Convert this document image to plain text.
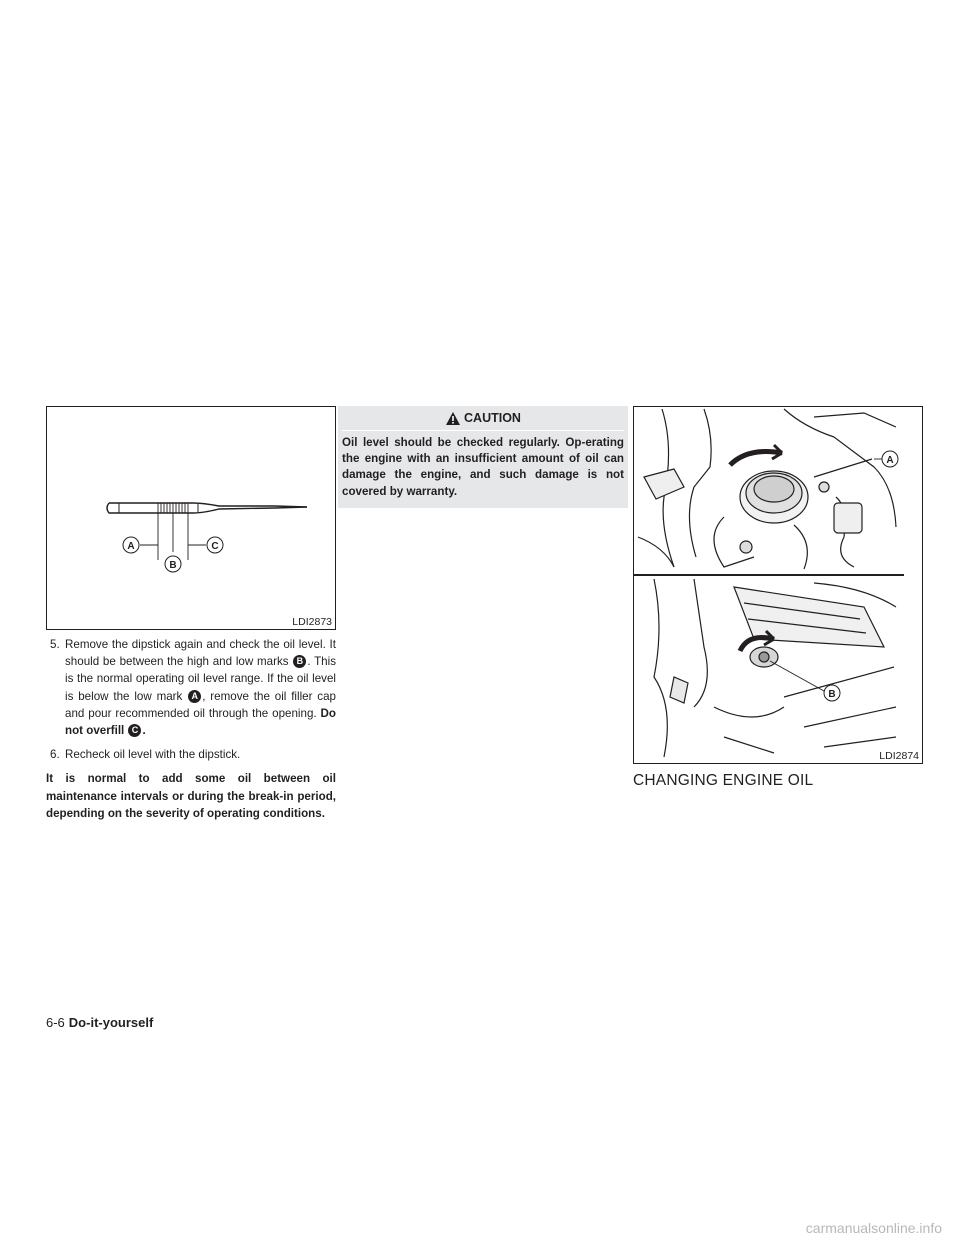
A
B
C
LDI2873
5. Remove the dipstick again and check the oil level. It should be between the high and low marks B . This is the normal operating oil level range. If the oil level is below the low mark A , remove the oil filler cap and pour recommended oil through the opening. Do not overfill C .
6. Recheck oil level with the dipstick.
It is normal to add some oil between oil maintenance intervals or during the break-in period, depending on the severity of operating conditions.
CAUTION
Oil level should be checked regularly. Op-erating the engine with an insufficient amount of oil can damage the engine, and such damage is not covered by warranty.
A
B
LDI2874
CHANGING ENGINE OIL
6-6 Do-it-yourself
carmanualsonline.info
